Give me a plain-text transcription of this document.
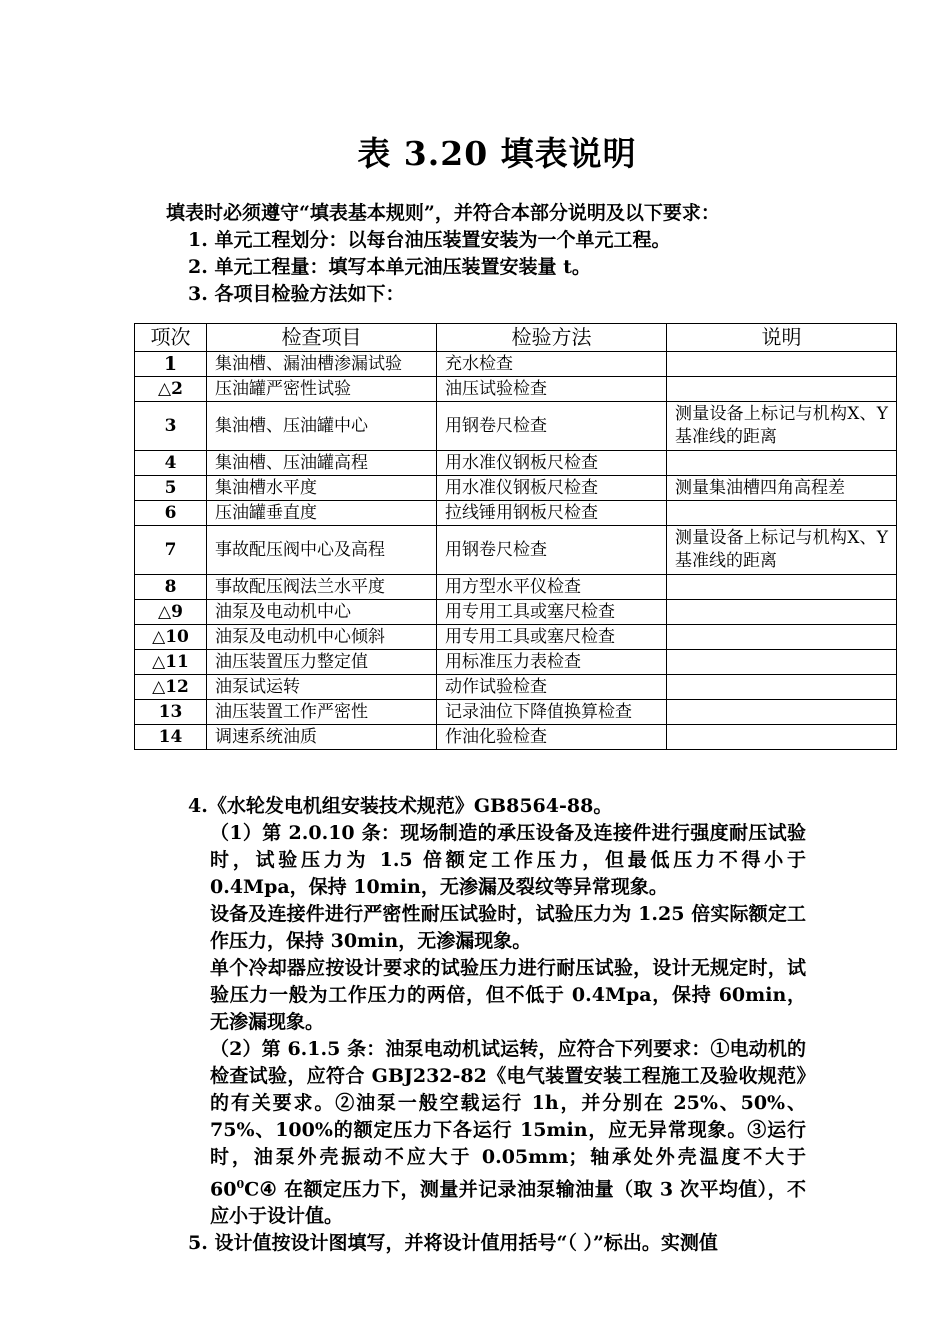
表 3.20 填表说明
填表时必须遵守“填表基本规则”，并符合本部分说明及以下要求：
1. 单元工程划分：以每台油压装置安装为一个单元工程。
2. 单元工程量：填写本单元油压装置安装量 t。
3. 各项目检验方法如下：
项次	检查项目	检验方法	说明
1	集油槽、漏油槽渗漏试验	充水检查	
△2	压油罐严密性试验	油压试验检查	
3	集油槽、压油罐中心	用钢卷尺检查	测量设备上标记与机构X、Y基准线的距离
4	集油槽、压油罐高程	用水准仪钢板尺检查	
5	集油槽水平度	用水准仪钢板尺检查	测量集油槽四角高程差
6	压油罐垂直度	拉线锤用钢板尺检查	
7	事故配压阀中心及高程	用钢卷尺检查	测量设备上标记与机构X、Y基准线的距离
8	事故配压阀法兰水平度	用方型水平仪检查	
△9	油泵及电动机中心	用专用工具或塞尺检查	
△10	油泵及电动机中心倾斜	用专用工具或塞尺检查	
△11	油压装置压力整定值	用标准压力表检查	
△12	油泵试运转	动作试验检查	
13	油压装置工作严密性	记录油位下降值换算检查	
14	调速系统油质	作油化验检查	

4.《水轮发电机组安装技术规范》GB8564-88。

（1）第 2.0.10 条：现场制造的承压设备及连接件进行强度耐压试验时，试验压力为 1.5 倍额定工作压力，但最低压力不得小于 0.4Mpa，保持 10min，无渗漏及裂纹等异常现象。

设备及连接件进行严密性耐压试验时，试验压力为 1.25 倍实际额定工作压力，保持 30min，无渗漏现象。

单个冷却器应按设计要求的试验压力进行耐压试验，设计无规定时，试验压力一般为工作压力的两倍，但不低于 0.4Mpa，保持 60min，无渗漏现象。

（2）第 6.1.5 条：油泵电动机试运转，应符合下列要求：①电动机的检查试验，应符合 GBJ232-82《电气装置安装工程施工及验收规范》的有关要求。②油泵一般空载运行 1h，并分别在 25%、50%、75%、100%的额定压力下各运行 15min，应无异常现象。③运行时，油泵外壳振动不应大于 0.05mm；轴承处外壳温度不大于 $60^0C④$ 在额定压力下，测量并记录油泵输油量（取 3 次平均值），不应小于设计值。

5. 设计值按设计图填写，并将设计值用括号“（ ）”标出。实测值
